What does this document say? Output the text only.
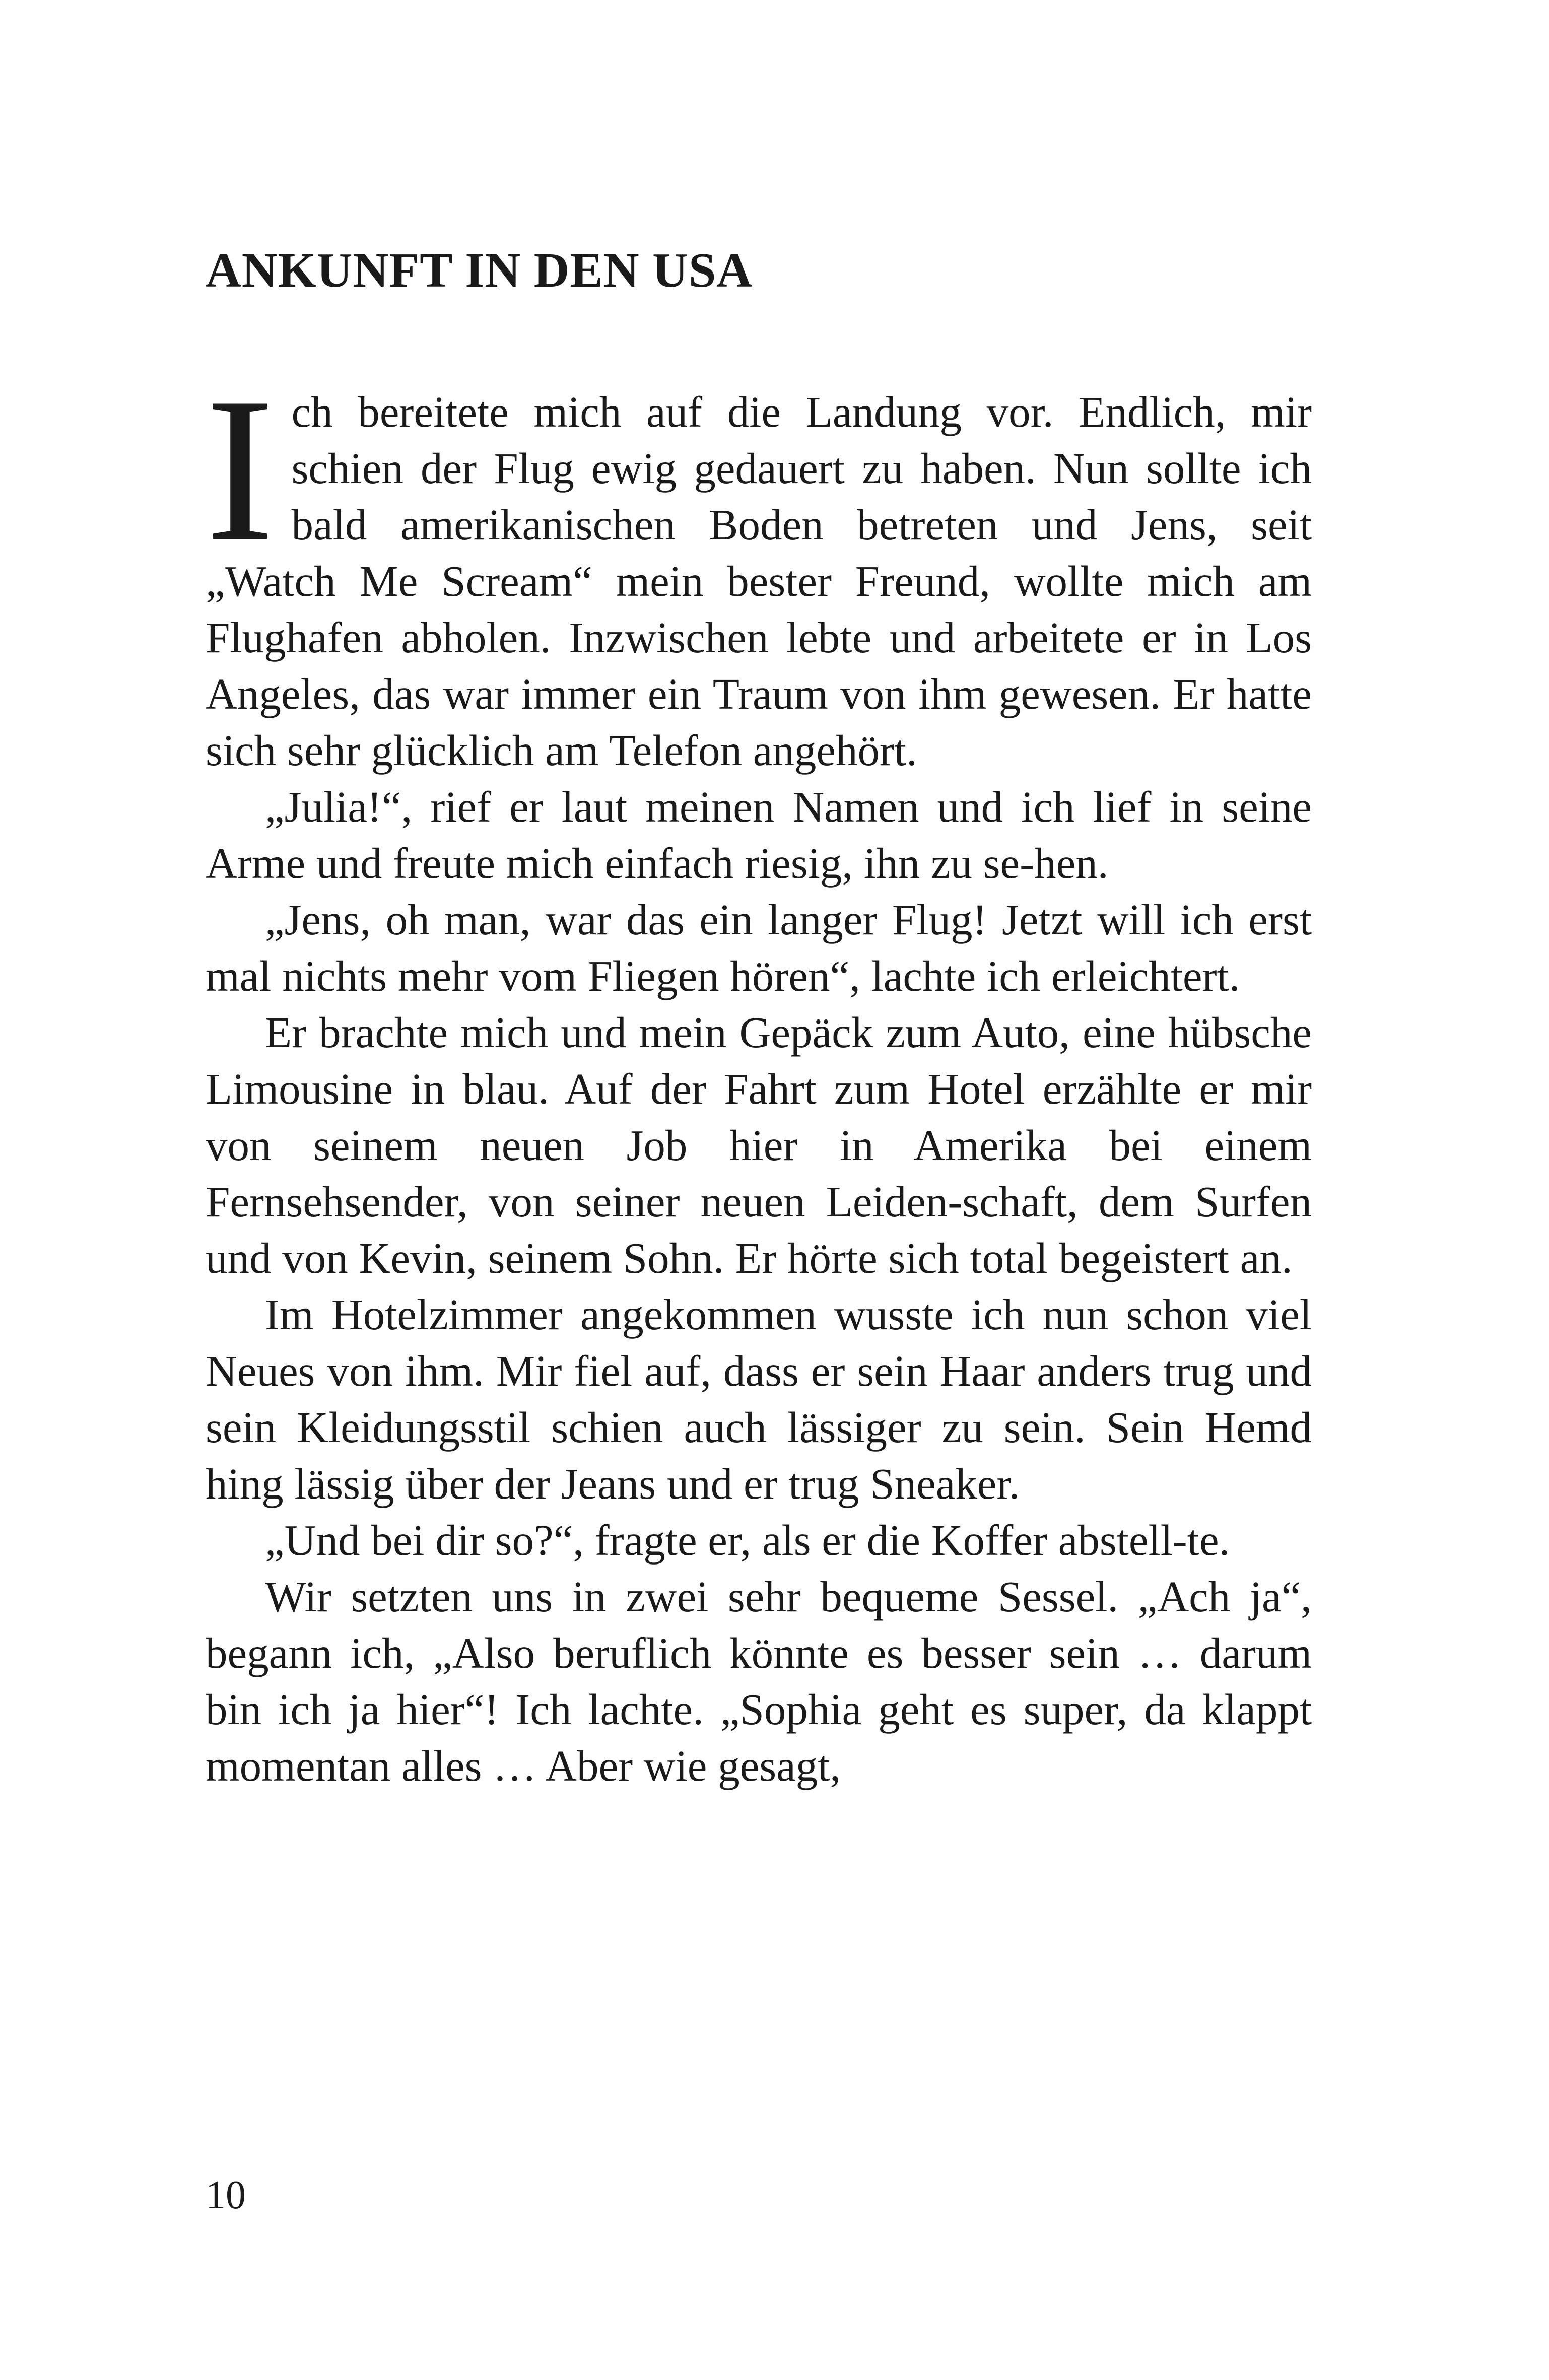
ANKUNFT IN DEN USA

Ich bereitete mich auf die Landung vor. Endlich, mir schien der Flug ewig gedauert zu haben. Nun sollte ich bald amerikanischen Boden betreten und Jens, seit „Watch Me Scream“ mein bester Freund, wollte mich am Flughafen abholen. Inzwischen lebte und arbeitete er in Los Angeles, das war immer ein Traum von ihm gewesen. Er hatte sich sehr glücklich am Telefon angehört.

„Julia!“, rief er laut meinen Namen und ich lief in seine Arme und freute mich einfach riesig, ihn zu se-hen.

„Jens, oh man, war das ein langer Flug! Jetzt will ich erst mal nichts mehr vom Fliegen hören“, lachte ich erleichtert.

Er brachte mich und mein Gepäck zum Auto, eine hübsche Limousine in blau. Auf der Fahrt zum Hotel erzählte er mir von seinem neuen Job hier in Amerika bei einem Fernsehsender, von seiner neuen Leiden-schaft, dem Surfen und von Kevin, seinem Sohn. Er hörte sich total begeistert an.

Im Hotelzimmer angekommen wusste ich nun schon viel Neues von ihm. Mir fiel auf, dass er sein Haar anders trug und sein Kleidungsstil schien auch lässiger zu sein. Sein Hemd hing lässig über der Jeans und er trug Sneaker.

„Und bei dir so?“, fragte er, als er die Koffer abstell-te.

Wir setzten uns in zwei sehr bequeme Sessel. „Ach ja“, begann ich, „Also beruflich könnte es besser sein … darum bin ich ja hier“! Ich lachte. „Sophia geht es super, da klappt momentan alles … Aber wie gesagt,

10
